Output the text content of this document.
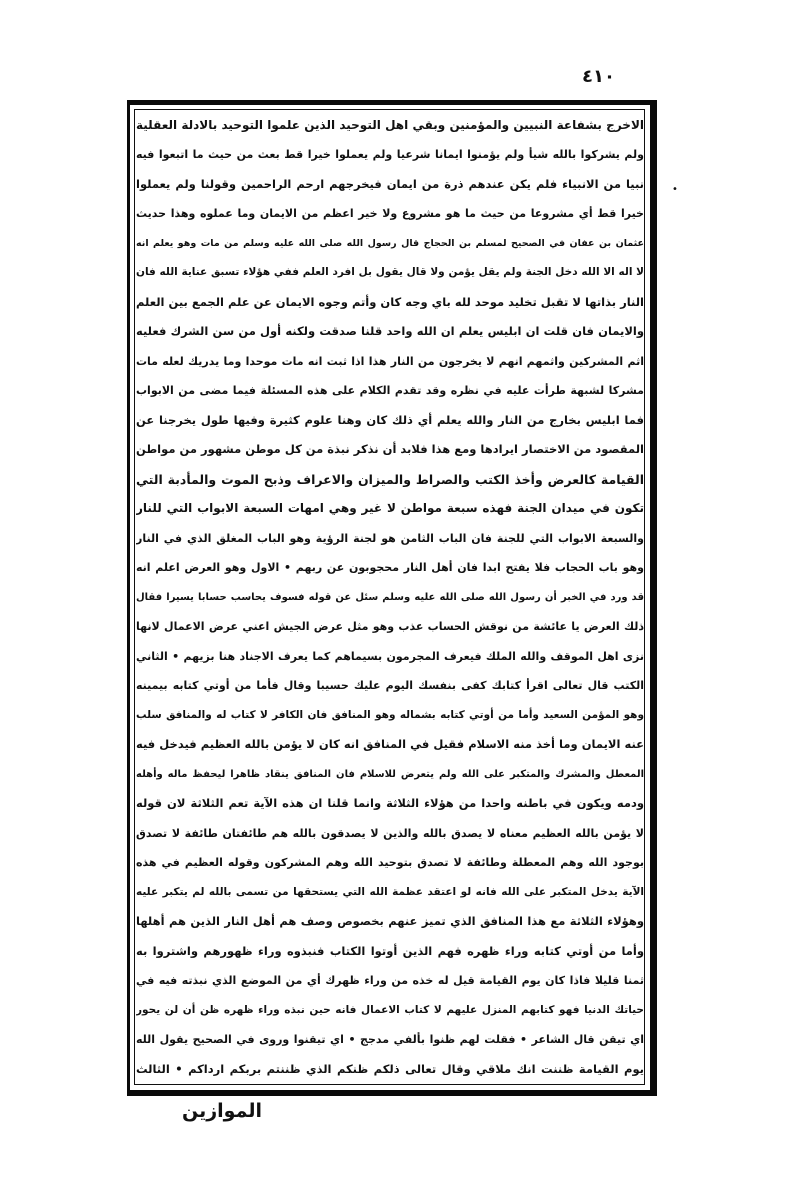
٤١٠
•
الاخرج بشفاعة النبيين والمؤمنين وبقي اهل التوحيد الذين علموا التوحيد بالادلة العقلية
ولم يشركوا بالله شيأ ولم يؤمنوا ايمانا شرعيا ولم يعملوا خيرا قط بعث من حيث ما اتبعوا فيه
نبيا من الانبياء فلم يكن عندهم ذرة من ايمان فيخرجهم ارحم الراحمين وقولنا ولم يعملوا
خيرا قط أي مشروعا من حيث ما هو مشروع ولا خير اعظم من الايمان وما عملوه وهذا حديث
عثمان بن عفان في الصحيح لمسلم بن الحجاج قال رسول الله صلى الله عليه وسلم من مات وهو يعلم انه
لا اله الا الله دخل الجنة ولم يقل يؤمن ولا قال يقول بل افرد العلم ففي هؤلاء تسبق عناية الله فان
النار بذاتها لا تقبل تخليد موحد لله باي وجه كان وأتم وجوه الايمان عن علم الجمع بين العلم
والايمان فان قلت ان ابليس يعلم ان الله واحد قلنا صدقت ولكنه أول من سن الشرك فعليه
اثم المشركين واثمهم انهم لا يخرجون من النار هذا اذا ثبت انه مات موحدا وما يدريك لعله مات
مشركا لشبهة طرأت عليه في نظره وقد تقدم الكلام على هذه المسئلة فيما مضى من الابواب
فما ابليس بخارج من النار والله يعلم أي ذلك كان وهنا علوم كثيرة وفيها طول يخرجنا عن
المقصود من الاختصار ايرادها ومع هذا فلابد أن نذكر نبذة من كل موطن مشهور من مواطن
القيامة كالعرض وأخذ الكتب والصراط والميزان والاعراف وذبح الموت والمأدبة التي
تكون في ميدان الجنة فهذه سبعة مواطن لا غير وهي امهات السبعة الابواب التي للنار
والسبعة الابواب التي للجنة فان الباب الثامن هو لجنة الرؤية وهو الباب المغلق الذي في النار
وهو باب الحجاب فلا يفتح ابدا فان أهل النار محجوبون عن ربهم • الاول وهو العرض اعلم انه
قد ورد في الخبر أن رسول الله صلى الله عليه وسلم سئل عن قوله فسوف يحاسب حسابا يسيرا فقال
ذلك العرض يا عائشة من نوقش الحساب عذب وهو مثل عرض الجيش اعني عرض الاعمال لانها
نزى اهل الموقف والله الملك فيعرف المجرمون بسيماهم كما يعرف الاجناد هنا بزيهم • الثاني
الكتب قال تعالى اقرأ كتابك كفى بنفسك اليوم عليك حسيبا وقال فأما من أوتي كتابه بيمينه
وهو المؤمن السعيد وأما من أوتي كتابه بشماله وهو المنافق فان الكافر لا كتاب له والمنافق سلب
عنه الايمان وما أخذ منه الاسلام فقيل في المنافق انه كان لا يؤمن بالله العظيم فيدخل فيه
المعطل والمشرك والمتكبر على الله ولم يتعرض للاسلام فان المنافق ينقاد ظاهرا ليحفظ ماله وأهله
ودمه ويكون في باطنه واحدا من هؤلاء الثلاثة وانما قلنا ان هذه الآية تعم الثلاثة لان قوله
لا يؤمن بالله العظيم معناه لا يصدق بالله والذين لا يصدقون بالله هم طائفتان طائفة لا تصدق
بوجود الله وهم المعطلة وطائفة لا تصدق بتوحيد الله وهم المشركون وقوله العظيم في هذه
الآية يدخل المتكبر على الله فانه لو اعتقد عظمة الله التي يستحقها من تسمى بالله لم يتكبر عليه
وهؤلاء الثلاثة مع هذا المنافق الذي تميز عنهم بخصوص وصف هم أهل النار الذين هم أهلها
وأما من أوتي كتابه وراء ظهره فهم الذين أوتوا الكتاب فنبذوه وراء ظهورهم واشتروا به
ثمنا قليلا فاذا كان يوم القيامة قيل له خذه من وراء ظهرك أي من الموضع الذي نبذته فيه في
حياتك الدنيا فهو كتابهم المنزل عليهم لا كتاب الاعمال فانه حين نبذه وراء ظهره ظن أن لن يحور
اي تيقن قال الشاعر • فقلت لهم ظنوا بألفي مدجج • اي تيقنوا وروى في الصحيح يقول الله
يوم القيامة ظننت انك ملاقي وقال تعالى ذلكم ظنكم الذي ظننتم بربكم ارداكم • الثالث
الموازين
